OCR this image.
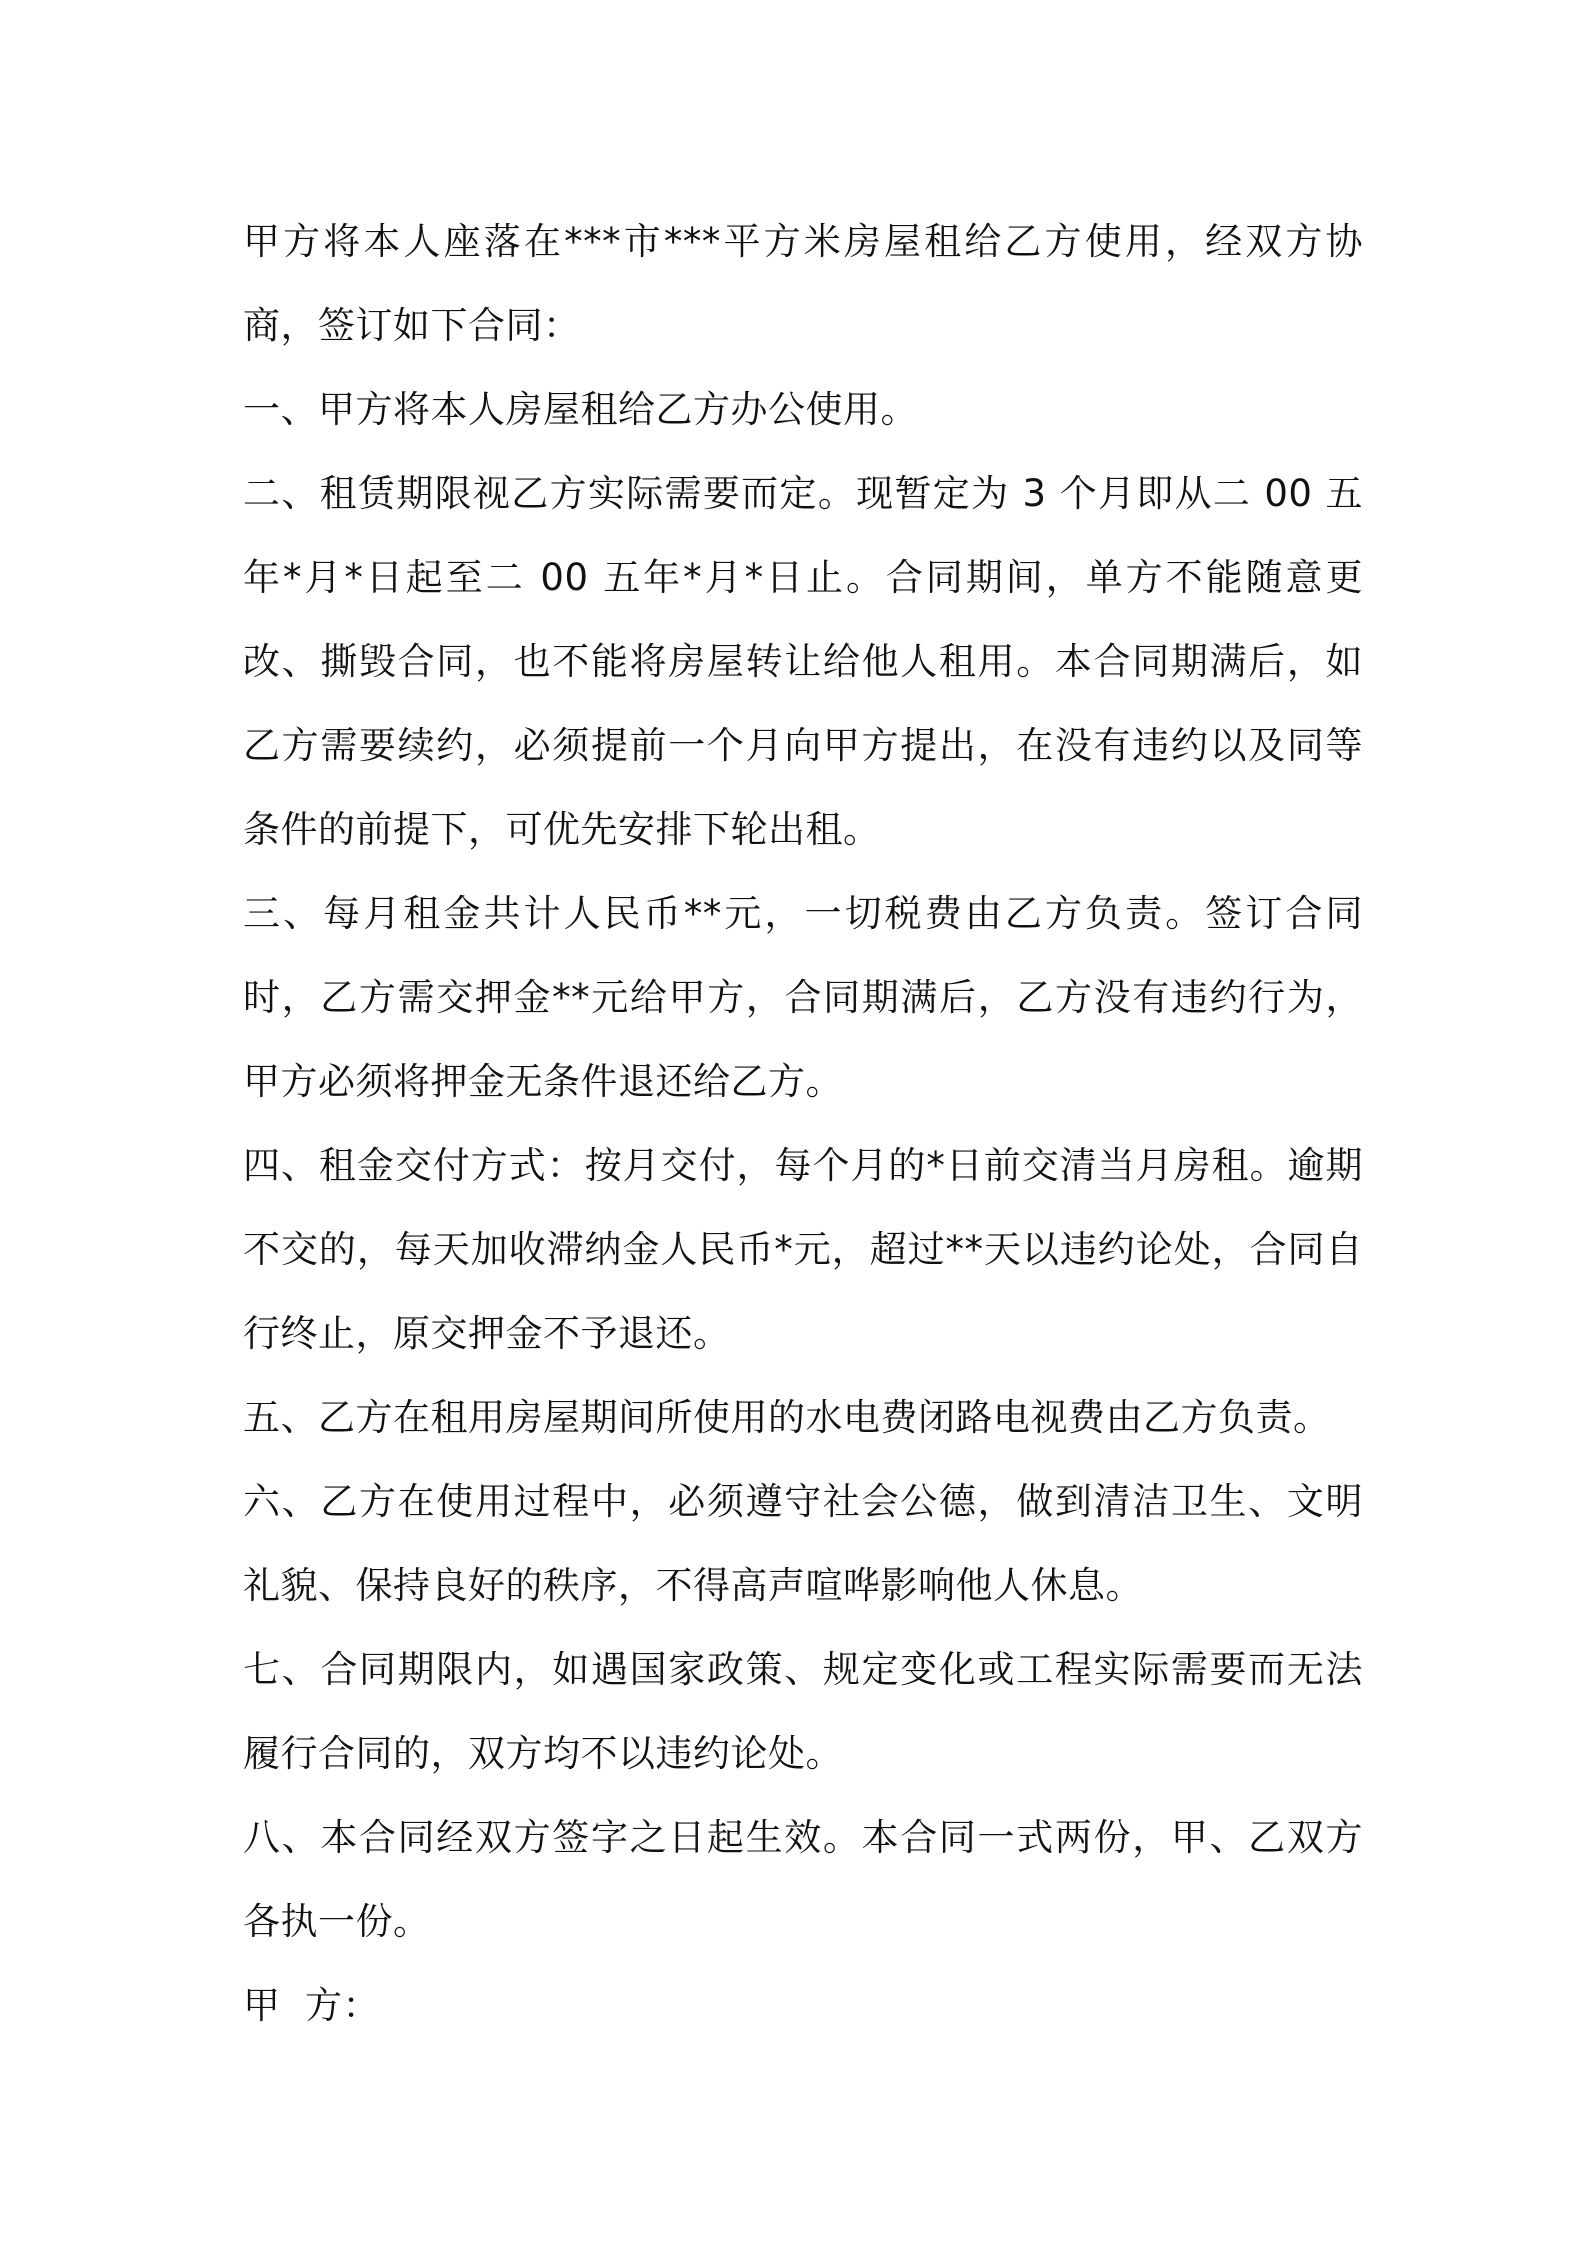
甲方将本人座落在***市***平方米房屋租给乙方使用，经双方协商，签订如下合同：

一、甲方将本人房屋租给乙方办公使用。

二、租赁期限视乙方实际需要而定。现暂定为 3 个月即从二 00 五年*月*日起至二 00 五年*月*日止。合同期间，单方不能随意更改、撕毁合同，也不能将房屋转让给他人租用。本合同期满后，如乙方需要续约，必须提前一个月向甲方提出，在没有违约以及同等条件的前提下，可优先安排下轮出租。

三、每月租金共计人民币**元，一切税费由乙方负责。签订合同时，乙方需交押金**元给甲方，合同期满后，乙方没有违约行为，甲方必须将押金无条件退还给乙方。

四、租金交付方式：按月交付，每个月的*日前交清当月房租。逾期不交的，每天加收滞纳金人民币*元，超过**天以违约论处，合同自行终止，原交押金不予退还。

五、乙方在租用房屋期间所使用的水电费闭路电视费由乙方负责。

六、乙方在使用过程中，必须遵守社会公德，做到清洁卫生、文明礼貌、保持良好的秩序，不得高声喧哗影响他人休息。

七、合同期限内，如遇国家政策、规定变化或工程实际需要而无法履行合同的，双方均不以违约论处。

八、本合同经双方签字之日起生效。本合同一式两份，甲、乙双方各执一份。

甲  方：
